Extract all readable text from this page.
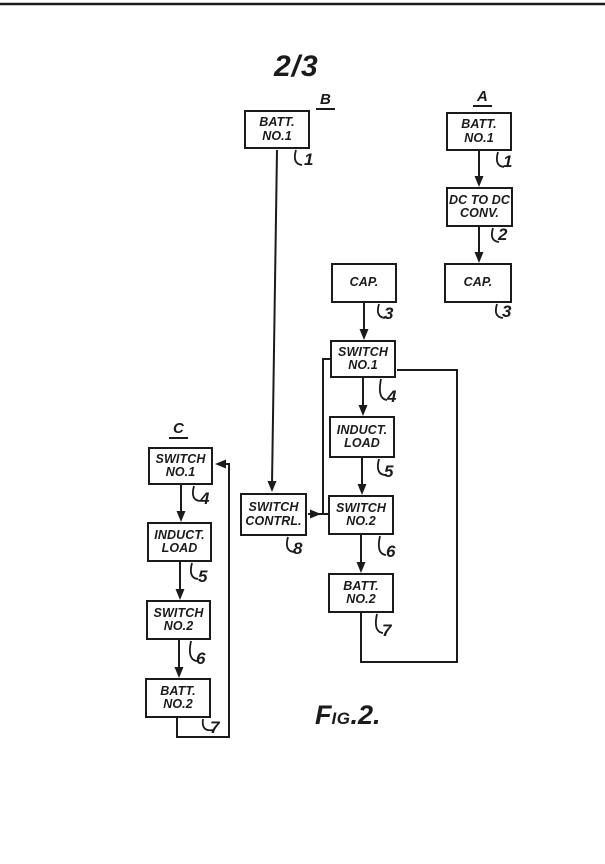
2/3
A
B
C
BATT.
NO.1
DC TO DC
CONV.
CAP.
BATT.
NO.1
SWITCH
CONTRL.
CAP.
SWITCH
NO.1
INDUCT.
LOAD
SWITCH
NO.2
BATT.
NO.2
SWITCH
NO.1
INDUCT.
LOAD
SWITCH
NO.2
BATT.
NO.2
1
2
3
1
8
3
4
5
6
7
4
5
6
7	FIG.2.
